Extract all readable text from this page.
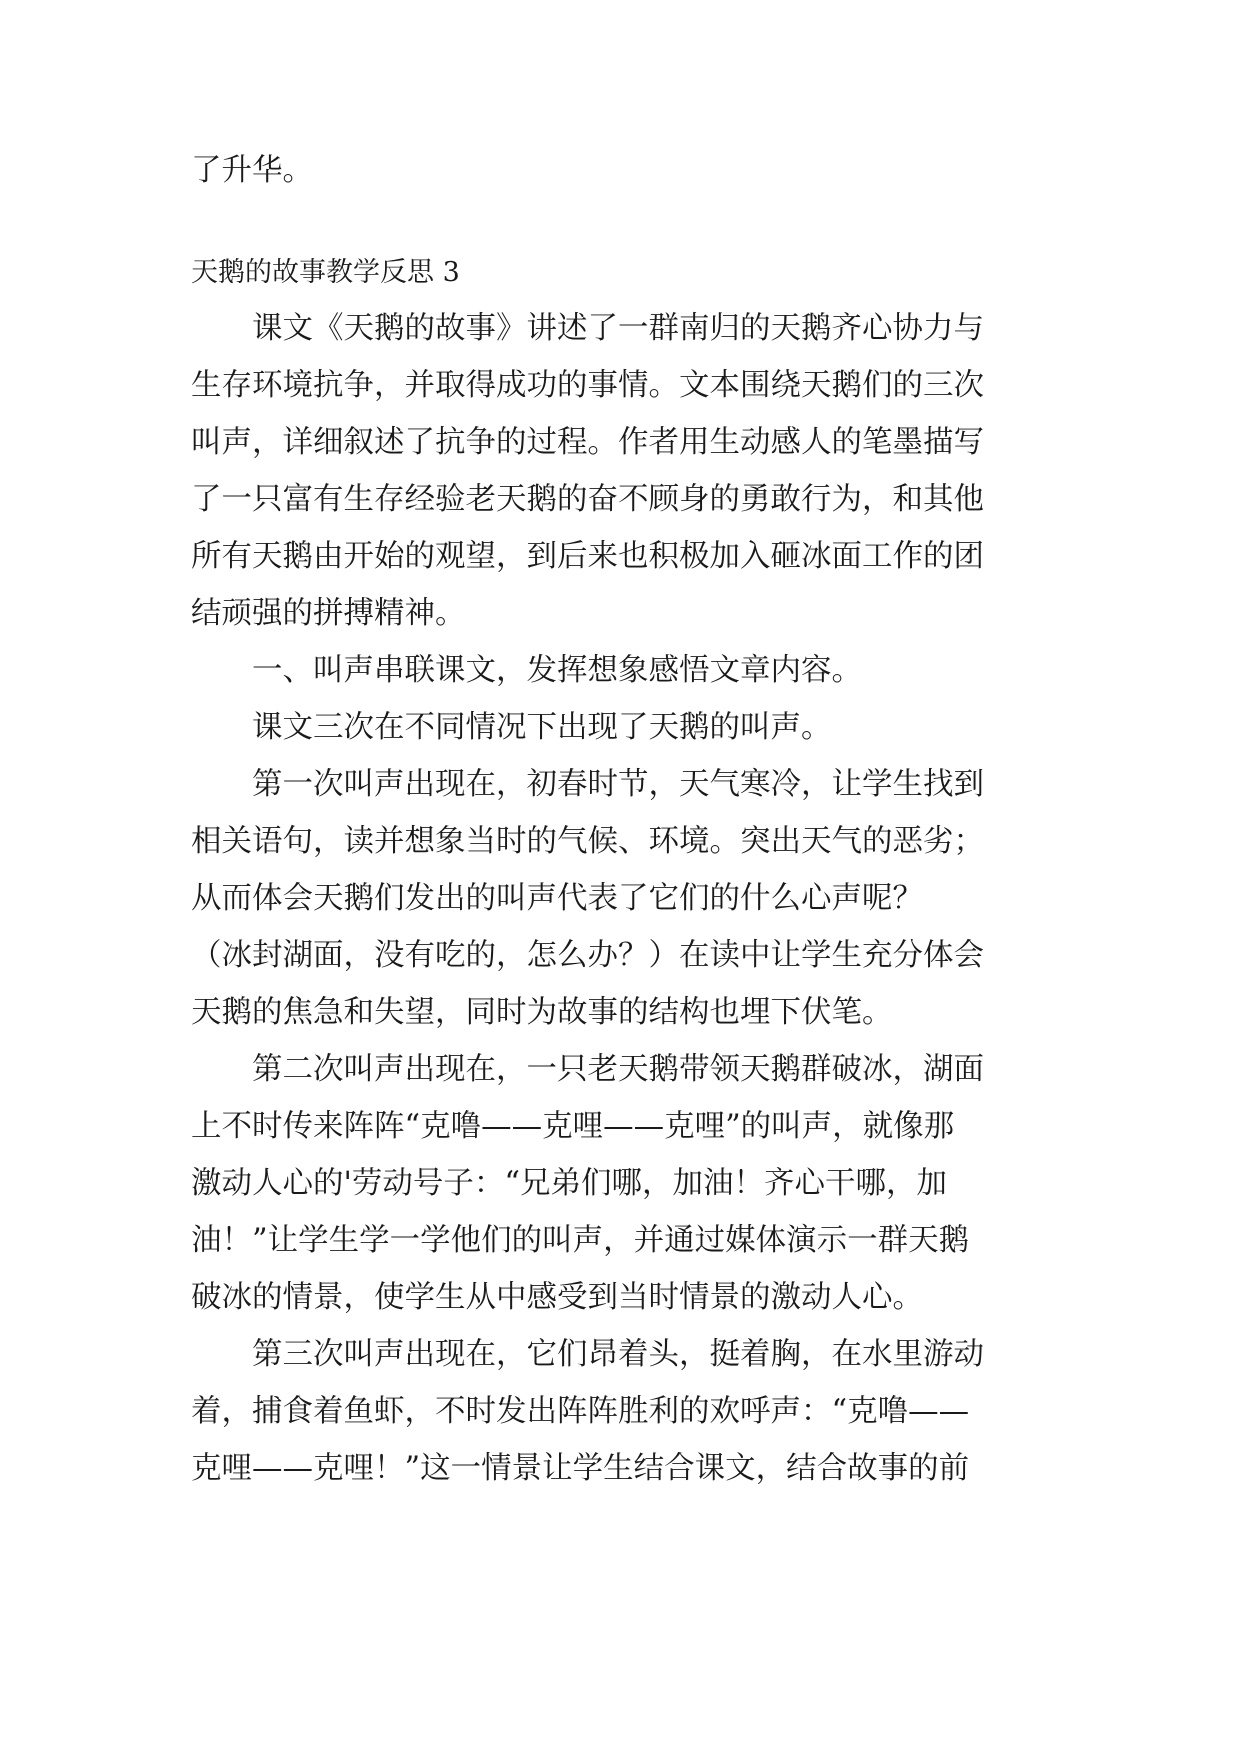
了升华。
天鹅的故事教学反思 3
　　课文《天鹅的故事》讲述了一群南归的天鹅齐心协力与
生存环境抗争，并取得成功的事情。文本围绕天鹅们的三次
叫声，详细叙述了抗争的过程。作者用生动感人的笔墨描写
了一只富有生存经验老天鹅的奋不顾身的勇敢行为，和其他
所有天鹅由开始的观望，到后来也积极加入砸冰面工作的团
结顽强的拼搏精神。
　　一、叫声串联课文，发挥想象感悟文章内容。
　　课文三次在不同情况下出现了天鹅的叫声。
　　第一次叫声出现在，初春时节，天气寒冷，让学生找到
相关语句，读并想象当时的气候、环境。突出天气的恶劣；
从而体会天鹅们发出的叫声代表了它们的什么心声呢？
（冰封湖面，没有吃的，怎么办？）在读中让学生充分体会
天鹅的焦急和失望，同时为故事的结构也埋下伏笔。
　　第二次叫声出现在，一只老天鹅带领天鹅群破冰，湖面
上不时传来阵阵“克噜——克哩——克哩”的叫声，就像那
激动人心的'劳动号子：“兄弟们哪，加油！齐心干哪，加
油！”让学生学一学他们的叫声，并通过媒体演示一群天鹅
破冰的情景，使学生从中感受到当时情景的激动人心。
　　第三次叫声出现在，它们昂着头，挺着胸，在水里游动
着，捕食着鱼虾，不时发出阵阵胜利的欢呼声：“克噜——
克哩——克哩！”这一情景让学生结合课文，结合故事的前
